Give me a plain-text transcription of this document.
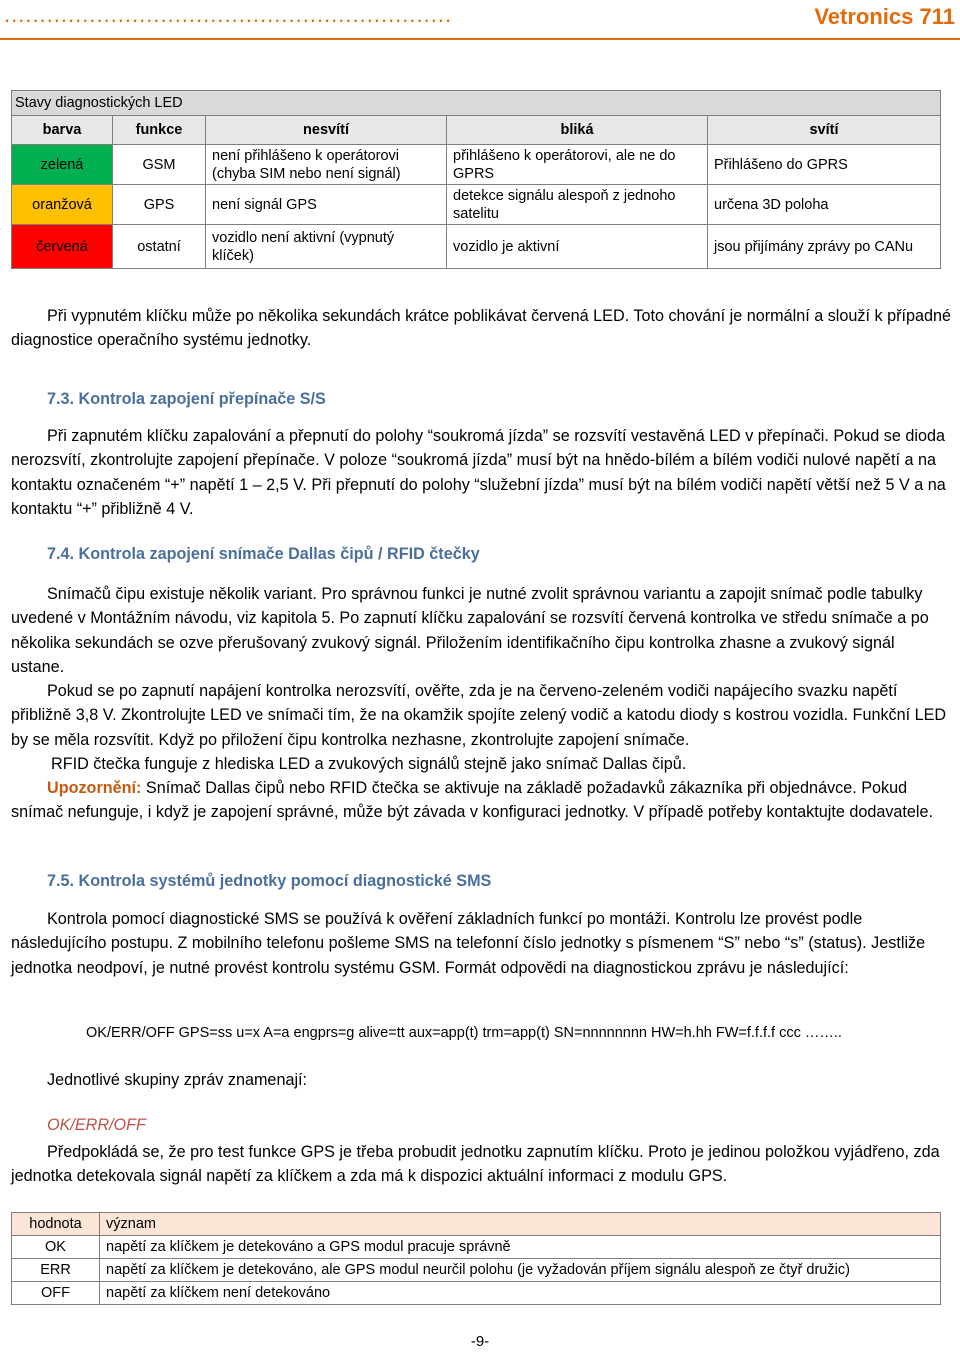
...............................................................	Vetronics 711
Stavy diagnostických LED				
barva	funkce	nesvítí	bliká	svítí
zelená	GSM	není přihlášeno k operátorovi (chyba SIM nebo není signál)	přihlášeno k operátorovi, ale ne do GPRS	Přihlášeno do GPRS
oranžová	GPS	není signál GPS	detekce signálu alespoň z jednoho satelitu	určena 3D poloha
červená	ostatní	vozidlo není aktivní (vypnutý klíček)	vozidlo je aktivní	jsou přijímány zprávy po CANu
Při vypnutém klíčku může po několika sekundách krátce poblikávat červená LED. Toto chování je normální a slouží k případné diagnostice operačního systému jednotky.
7.3. Kontrola zapojení přepínače S/S
Při zapnutém klíčku zapalování a přepnutí do polohy “soukromá jízda” se rozsvítí vestavěná LED v přepínači. Pokud se dioda nerozsvítí, zkontrolujte zapojení přepínače. V poloze “soukromá jízda” musí být na hnědo-bílém a bílém vodiči nulové napětí a na kontaktu označeném “+” napětí 1 – 2,5 V. Při přepnutí do polohy “služební jízda” musí být na bílém vodiči napětí větší než 5 V a na kontaktu “+” přibližně 4 V.
7.4. Kontrola zapojení snímače Dallas čipů / RFID čtečky
Snímačů čipu existuje několik variant. Pro správnou funkci je nutné zvolit správnou variantu a zapojit snímač podle tabulky uvedené v Montážním návodu, viz kapitola 5. Po zapnutí klíčku zapalování se rozsvítí červená kontrolka ve středu snímače a po několika sekundách se ozve přerušovaný zvukový signál. Přiložením identifikačního čipu kontrolka zhasne a zvukový signál ustane.
Pokud se po zapnutí napájení kontrolka nerozsvítí, ověřte, zda je na červeno-zeleném vodiči napájecího svazku napětí přibližně 3,8 V. Zkontrolujte LED ve snímači tím, že na okamžik spojíte zelený vodič a katodu diody s kostrou vozidla. Funkční LED by se měla rozsvítit. Když po přiložení čipu kontrolka nezhasne, zkontrolujte zapojení snímače.
RFID čtečka funguje z hlediska LED a zvukových signálů stejně jako snímač Dallas čipů.
Upozornění: Snímač Dallas čipů nebo RFID čtečka se aktivuje na základě požadavků zákazníka při objednávce. Pokud snímač nefunguje, i když je zapojení správné, může být závada v konfiguraci jednotky. V případě potřeby kontaktujte dodavatele.
7.5. Kontrola systémů jednotky pomocí diagnostické SMS
Kontrola pomocí diagnostické SMS se používá k ověření základních funkcí po montáži. Kontrolu lze provést podle následujícího postupu. Z mobilního telefonu pošleme SMS na telefonní číslo jednotky s písmenem “S” nebo “s” (status). Jestliže jednotka neodpoví, je nutné provést kontrolu systému GSM. Formát odpovědi na diagnostickou zprávu je následující:
OK/ERR/OFF GPS=ss u=x A=a engprs=g alive=tt aux=app(t) trm=app(t) SN=nnnnnnnn HW=h.hh FW=f.f.f.f ccc ……..
Jednotlivé skupiny zpráv znamenají:
OK/ERR/OFF
Předpokládá se, že pro test funkce GPS je třeba probudit jednotku zapnutím klíčku. Proto je jedinou položkou vyjádřeno, zda jednotka detekovala signál napětí za klíčkem a zda má k dispozici aktuální informaci z modulu GPS.
hodnota	význam
OK	napětí za klíčkem je detekováno a GPS modul pracuje správně
ERR	napětí za klíčkem je detekováno, ale GPS modul neurčil polohu (je vyžadován příjem signálu alespoň ze čtyř družic)
OFF	napětí za klíčkem není detekováno
-9-
